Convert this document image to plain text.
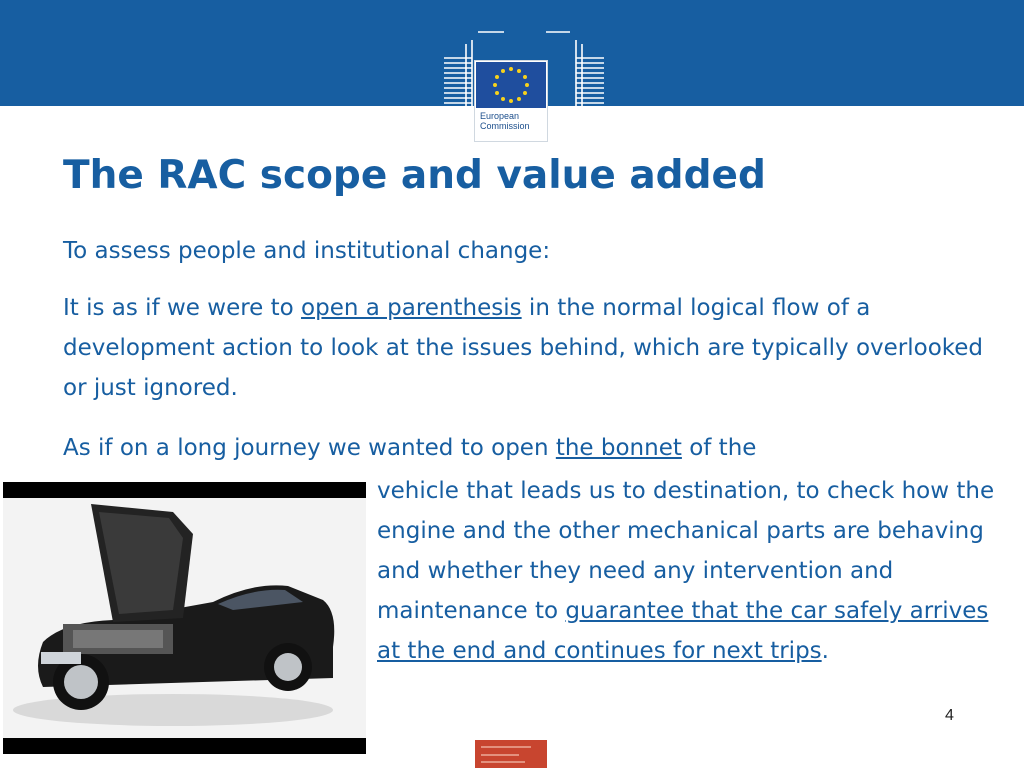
European
Commission
The RAC scope and value added

To assess people and institutional change:

It is as if we were to open a parenthesis in the normal logical flow of a development action to look at the issues behind, which are typically overlooked or just ignored.

As if on a long journey we wanted to open the bonnet of the

vehicle that leads us to destination, to check how the engine and the other mechanical parts are behaving and whether they need any intervention and maintenance to guarantee that the car safely arrives at the end and continues for next trips.

4
